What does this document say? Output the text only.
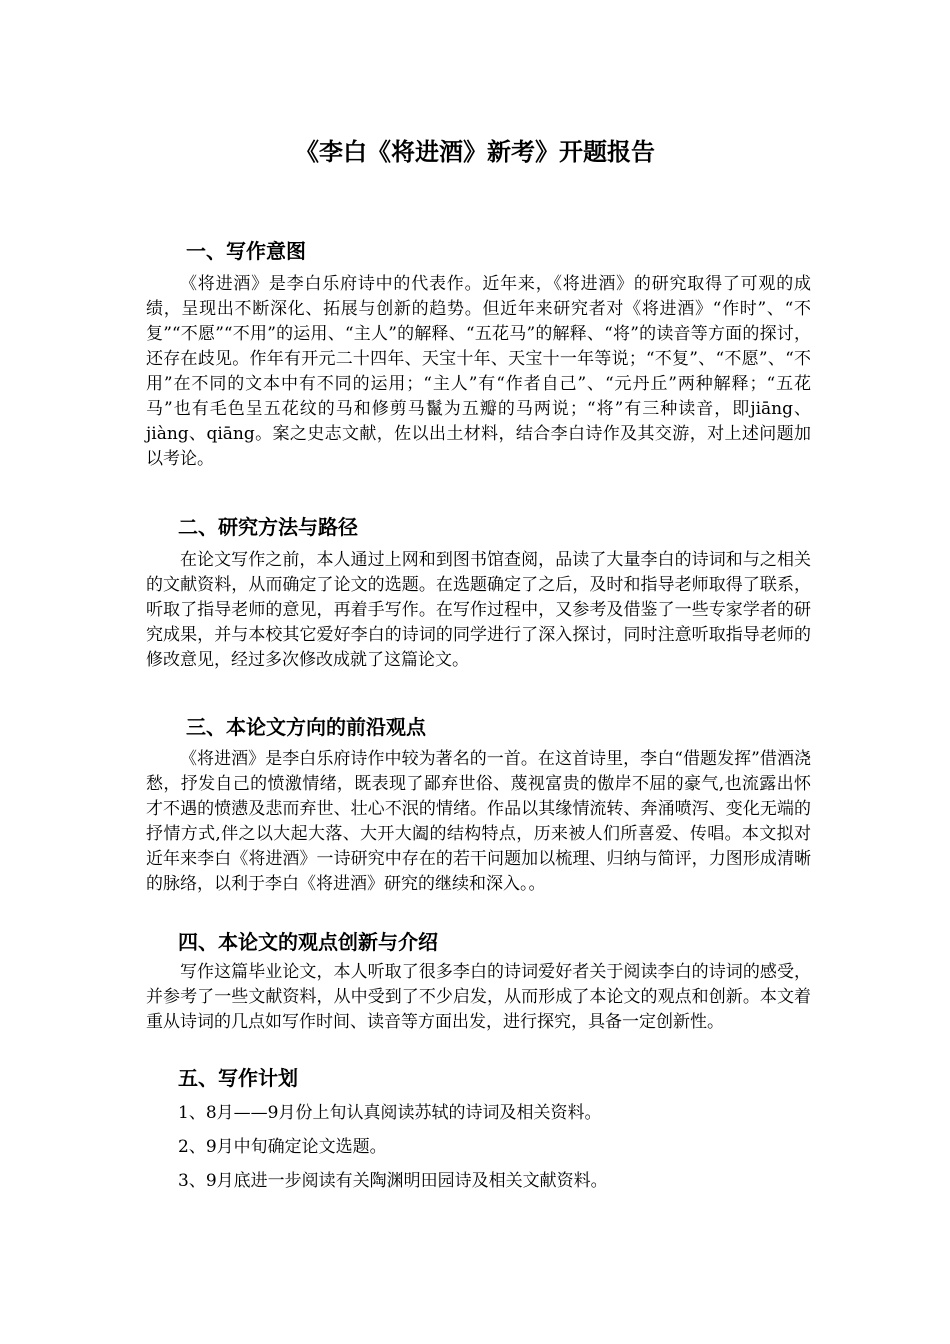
《李白《将进酒》新考》开题报告
一、写作意图

《将进酒》是李白乐府诗中的代表作。近年来，《将进酒》的研究取得了可观的成绩，呈现出不断深化、拓展与创新的趋势。但近年来研究者对《将进酒》“作时”、“不复”“不愿”“不用”的运用、“主人”的解释、“五花马”的解释、“将”的读音等方面的探讨，还存在歧见。作年有开元二十四年、天宝十年、天宝十一年等说；“不复”、“不愿”、“不用”在不同的文本中有不同的运用；“主人”有“作者自己”、“元丹丘”两种解释；“五花马”也有毛色呈五花纹的马和修剪马鬣为五瓣的马两说；“将”有三种读音，即jiāng、jiàng、qiāng。案之史志文献，佐以出土材料，结合李白诗作及其交游，对上述问题加以考论。

二、研究方法与路径

在论文写作之前，本人通过上网和到图书馆查阅，品读了大量李白的诗词和与之相关的文献资料，从而确定了论文的选题。在选题确定了之后，及时和指导老师取得了联系，听取了指导老师的意见，再着手写作。在写作过程中，又参考及借鉴了一些专家学者的研究成果，并与本校其它爱好李白的诗词的同学进行了深入探讨，同时注意听取指导老师的修改意见，经过多次修改成就了这篇论文。

三、本论文方向的前沿观点

《将进酒》是李白乐府诗作中较为著名的一首。在这首诗里，李白“借题发挥”借酒浇愁，抒发自己的愤激情绪，既表现了鄙弃世俗、蔑视富贵的傲岸不屈的豪气,也流露出怀才不遇的愤懑及悲而弃世、壮心不泯的情绪。作品以其缘情流转、奔涌喷泻、变化无端的抒情方式,伴之以大起大落、大开大阖的结构特点，历来被人们所喜爱、传唱。本文拟对近年来李白《将进酒》一诗研究中存在的若干问题加以梳理、归纳与简评，力图形成清晰的脉络，以利于李白《将进酒》研究的继续和深入。。

四、本论文的观点创新与介绍

写作这篇毕业论文，本人听取了很多李白的诗词爱好者关于阅读李白的诗词的感受，并参考了一些文献资料，从中受到了不少启发，从而形成了本论文的观点和创新。本文着重从诗词的几点如写作时间、读音等方面出发，进行探究，具备一定创新性。

五、写作计划
1、8月——9月份上旬认真阅读苏轼的诗词及相关资料。
2、9月中旬确定论文选题。
3、9月底进一步阅读有关陶渊明田园诗及相关文献资料。
